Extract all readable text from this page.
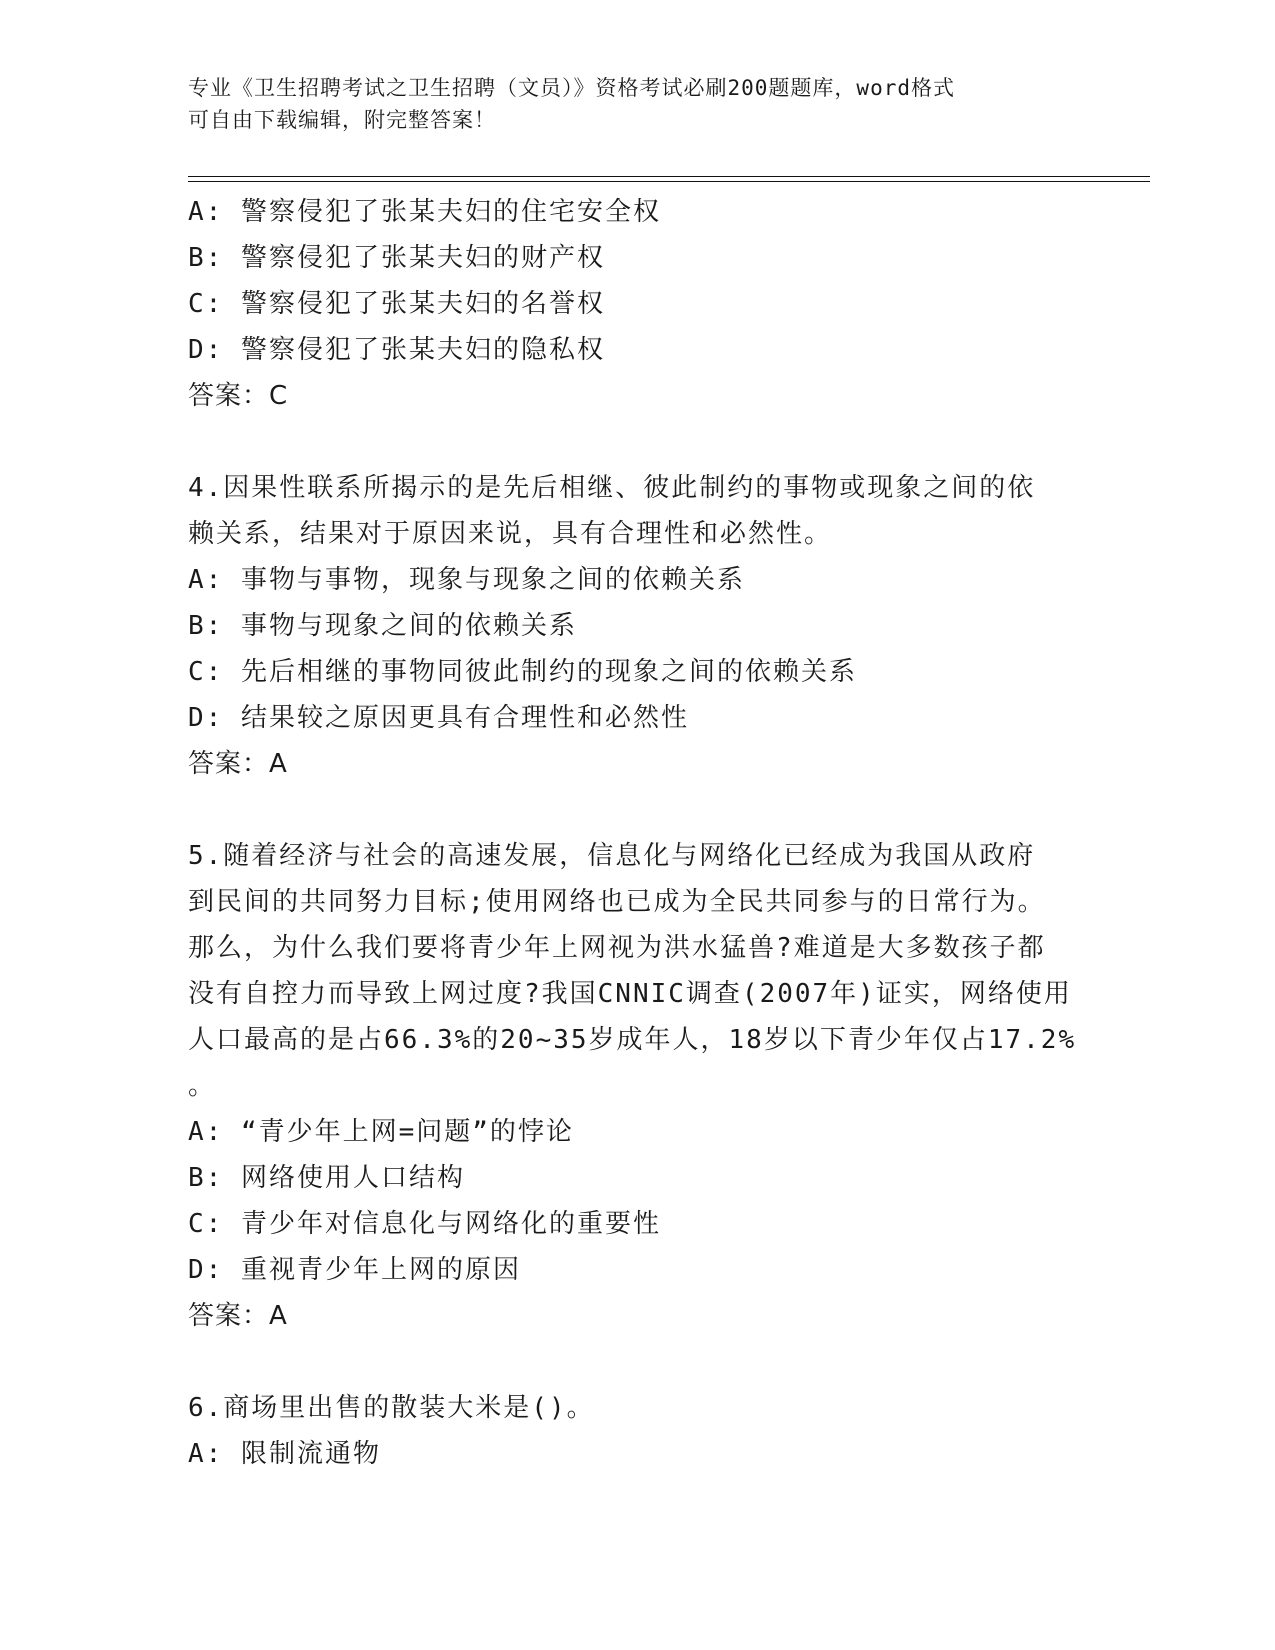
专业《卫生招聘考试之卫生招聘（文员）》资格考试必刷200题题库，word格式
可自由下载编辑，附完整答案！
A: 警察侵犯了张某夫妇的住宅安全权
B: 警察侵犯了张某夫妇的财产权
C: 警察侵犯了张某夫妇的名誉权
D: 警察侵犯了张某夫妇的隐私权
答案：C
4.因果性联系所揭示的是先后相继、彼此制约的事物或现象之间的依
赖关系，结果对于原因来说，具有合理性和必然性。
A: 事物与事物，现象与现象之间的依赖关系
B: 事物与现象之间的依赖关系
C: 先后相继的事物同彼此制约的现象之间的依赖关系
D: 结果较之原因更具有合理性和必然性
答案：A
5.随着经济与社会的高速发展，信息化与网络化已经成为我国从政府
到民间的共同努力目标;使用网络也已成为全民共同参与的日常行为。
那么，为什么我们要将青少年上网视为洪水猛兽?难道是大多数孩子都
没有自控力而导致上网过度?我国CNNIC调查(2007年)证实，网络使用
人口最高的是占66.3%的20~35岁成年人，18岁以下青少年仅占17.2%
。
A: “青少年上网=问题”的悖论
B: 网络使用人口结构
C: 青少年对信息化与网络化的重要性
D: 重视青少年上网的原因
答案：A
6.商场里出售的散装大米是()。
A: 限制流通物
